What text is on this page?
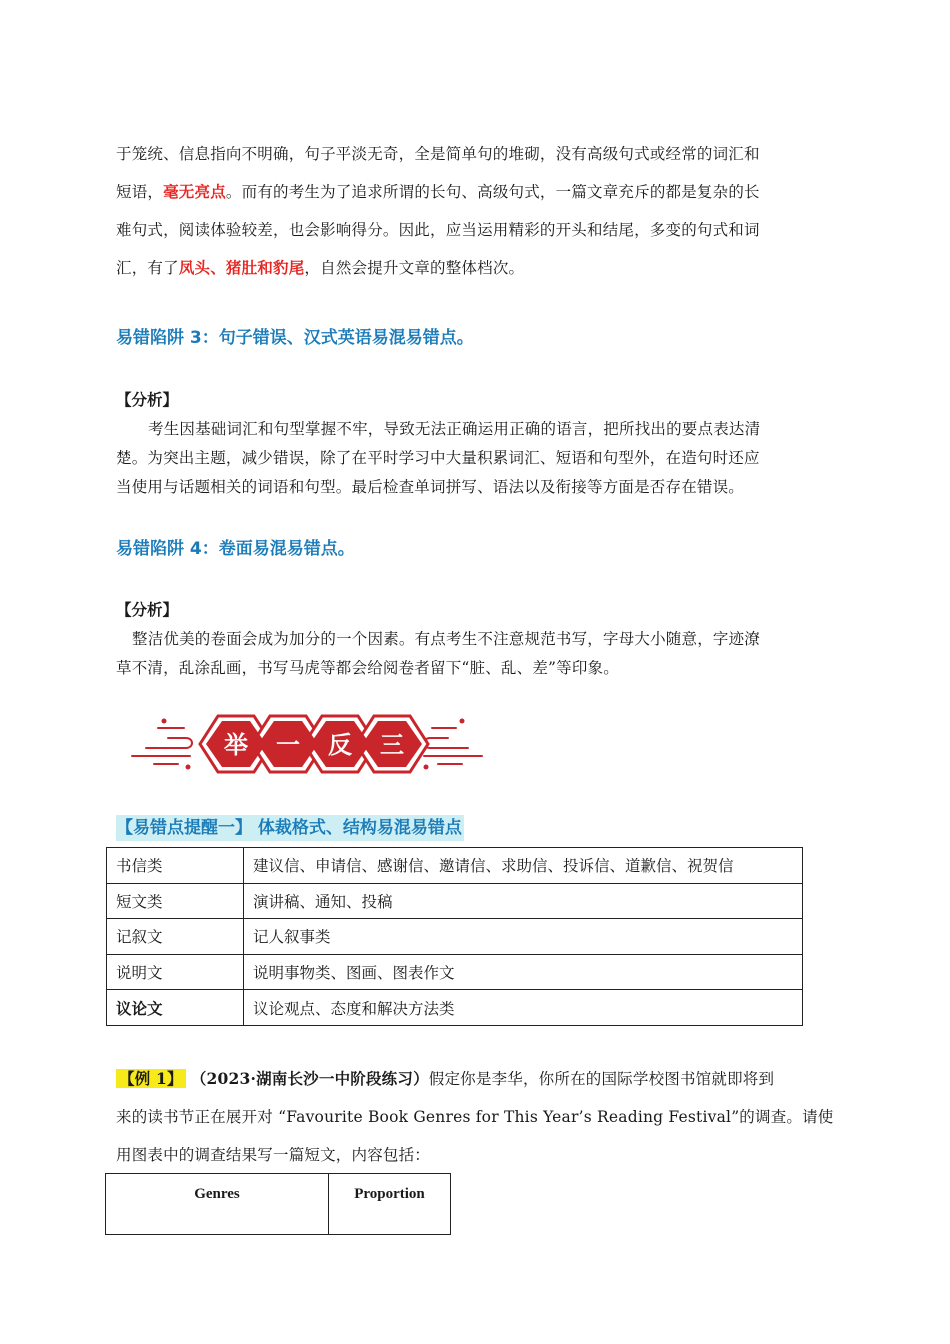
于笼统、信息指向不明确，句子平淡无奇，全是简单句的堆砌，没有高级句式或经常的词汇和
短语，毫无亮点。而有的考生为了追求所谓的长句、高级句式，一篇文章充斥的都是复杂的长
难句式，阅读体验较差，也会影响得分。因此，应当运用精彩的开头和结尾，多变的句式和词
汇，有了凤头、猪肚和豹尾，自然会提升文章的整体档次。
易错陷阱 3：句子错误、汉式英语易混易错点。
【分析】
考生因基础词汇和句型掌握不牢，导致无法正确运用正确的语言，把所找出的要点表达清
楚。为突出主题，减少错误，除了在平时学习中大量积累词汇、短语和句型外，在造句时还应
当使用与话题相关的词语和句型。最后检查单词拼写、语法以及衔接等方面是否存在错误。
易错陷阱 4：卷面易混易错点。
【分析】
整洁优美的卷面会成为加分的一个因素。有点考生不注意规范书写，字母大小随意，字迹潦
草不清，乱涂乱画，书写马虎等都会给阅卷者留下“脏、乱、差”等印象。
举 一 反 三
【易错点提醒一】 体裁格式、结构易混易错点
书信类	建议信、申请信、感谢信、邀请信、求助信、投诉信、道歉信、祝贺信
短文类	演讲稿、通知、投稿
记叙文	记人叙事类
说明文	说明事物类、图画、图表作文
议论文	议论观点、态度和解决方法类
【例 1】 （2023·湖南长沙一中阶段练习）假定你是李华，你所在的国际学校图书馆就即将到
来的读书节正在展开对 “Favourite Book Genres for This Year’s Reading Festival”的调查。请使
用图表中的调查结果写一篇短文，内容包括：
Genres	Proportion
